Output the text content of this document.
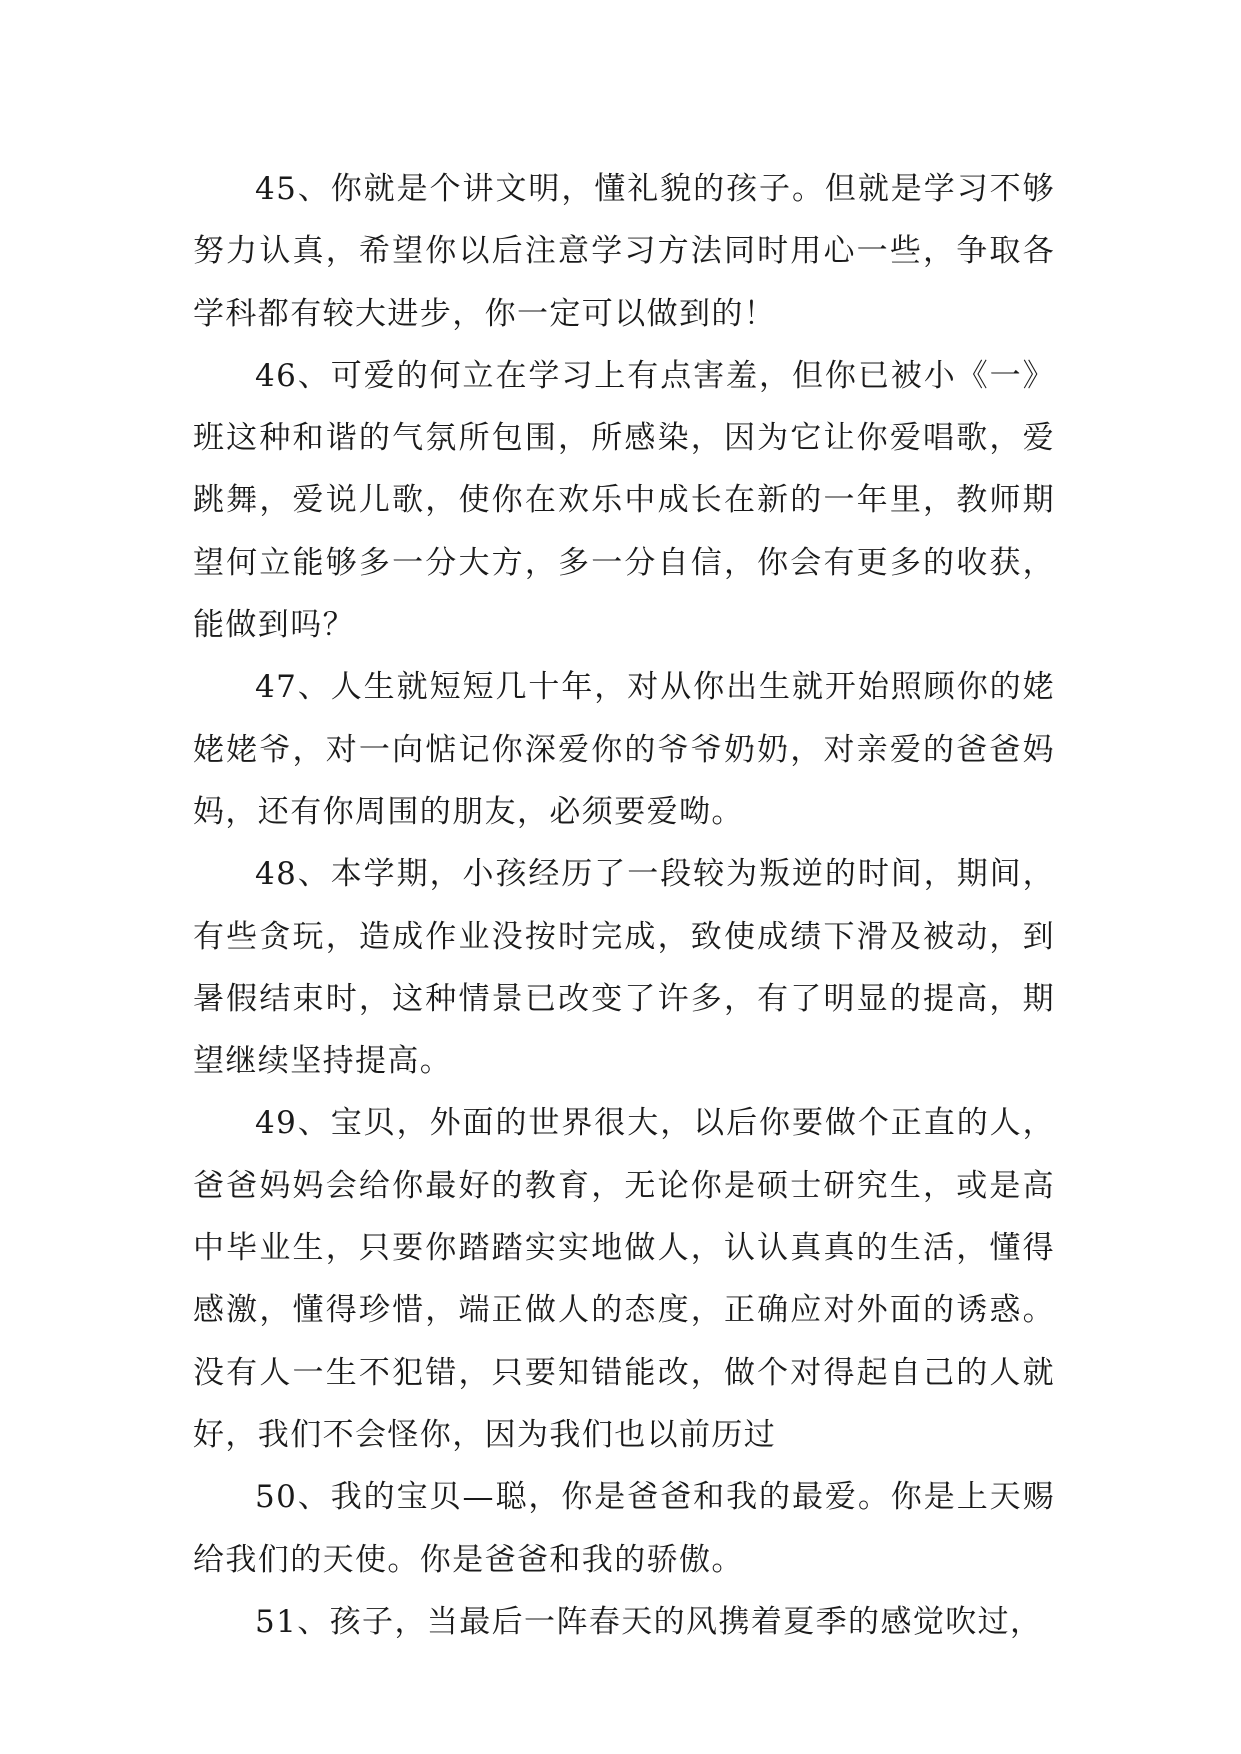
45、你就是个讲文明，懂礼貌的孩子。但就是学习不够努力认真，希望你以后注意学习方法同时用心一些，争取各学科都有较大进步，你一定可以做到的！

46、可爱的何立在学习上有点害羞，但你已被小《一》班这种和谐的气氛所包围，所感染，因为它让你爱唱歌，爱跳舞，爱说儿歌，使你在欢乐中成长在新的一年里，教师期望何立能够多一分大方，多一分自信，你会有更多的收获，能做到吗？

47、人生就短短几十年，对从你出生就开始照顾你的姥姥姥爷，对一向惦记你深爱你的爷爷奶奶，对亲爱的爸爸妈妈，还有你周围的朋友，必须要爱呦。

48、本学期，小孩经历了一段较为叛逆的时间，期间，有些贪玩，造成作业没按时完成，致使成绩下滑及被动，到暑假结束时，这种情景已改变了许多，有了明显的提高，期望继续坚持提高。

49、宝贝，外面的世界很大，以后你要做个正直的人，爸爸妈妈会给你最好的教育，无论你是硕士研究生，或是高中毕业生，只要你踏踏实实地做人，认认真真的生活，懂得感激，懂得珍惜，端正做人的态度，正确应对外面的诱惑。没有人一生不犯错，只要知错能改，做个对得起自己的人就好，我们不会怪你，因为我们也以前历过

50、我的宝贝—聪，你是爸爸和我的最爱。你是上天赐给我们的天使。你是爸爸和我的骄傲。

51、孩子，当最后一阵春天的风携着夏季的感觉吹过，
